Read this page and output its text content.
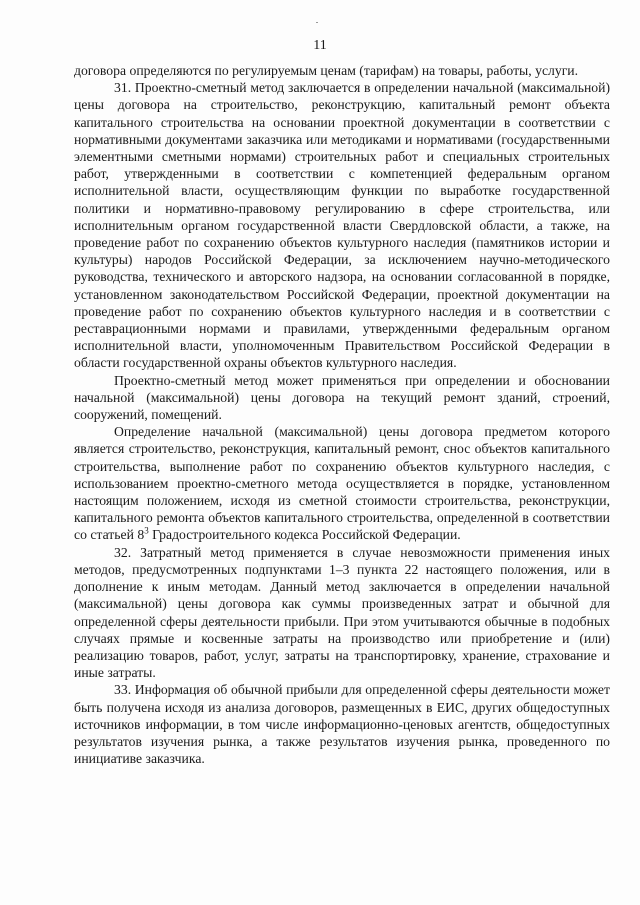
11

договора определяются по регулируемым ценам (тарифам) на товары, работы, услуги.

31. Проектно-сметный метод заключается в определении начальной (максимальной) цены договора на строительство, реконструкцию, капитальный ремонт объекта капитального строительства на основании проектной документации в соответствии с нормативными документами заказчика или методиками и нормативами (государственными элементными сметными нормами) строительных работ и специальных строительных работ, утвержденными в соответствии с компетенцией федеральным органом исполнительной власти, осуществляющим функции по выработке государственной политики и нормативно-правовому регулированию в сфере строительства, или исполнительным органом государственной власти Свердловской области, а также, на проведение работ по сохранению объектов культурного наследия (памятников истории и культуры) народов Российской Федерации, за исключением научно-методического руководства, технического и авторского надзора, на основании согласованной в порядке, установленном законодательством Российской Федерации, проектной документации на проведение работ по сохранению объектов культурного наследия и в соответствии с реставрационными нормами и правилами, утвержденными федеральным органом исполнительной власти, уполномоченным Правительством Российской Федерации в области государственной охраны объектов культурного наследия.

Проектно-сметный метод может применяться при определении и обосновании начальной (максимальной) цены договора на текущий ремонт зданий, строений, сооружений, помещений.

Определение начальной (максимальной) цены договора предметом которого является строительство, реконструкция, капитальный ремонт, снос объектов капитального строительства, выполнение работ по сохранению объектов культурного наследия, с использованием проектно-сметного метода осуществляется в порядке, установленном настоящим положением, исходя из сметной стоимости строительства, реконструкции, капитального ремонта объектов капитального строительства, определенной в соответствии со статьей $8^3$ Градостроительного кодекса Российской Федерации.

32. Затратный метод применяется в случае невозможности применения иных методов, предусмотренных подпунктами 1–3 пункта 22 настоящего положения, или в дополнение к иным методам. Данный метод заключается в определении начальной (максимальной) цены договора как суммы произведенных затрат и обычной для определенной сферы деятельности прибыли. При этом учитываются обычные в подобных случаях прямые и косвенные затраты на производство или приобретение и (или) реализацию товаров, работ, услуг, затраты на транспортировку, хранение, страхование и иные затраты.

33. Информация об обычной прибыли для определенной сферы деятельности может быть получена исходя из анализа договоров, размещенных в ЕИС, других общедоступных источников информации, в том числе информационно-ценовых агентств, общедоступных результатов изучения рынка, а также результатов изучения рынка, проведенного по инициативе заказчика.
